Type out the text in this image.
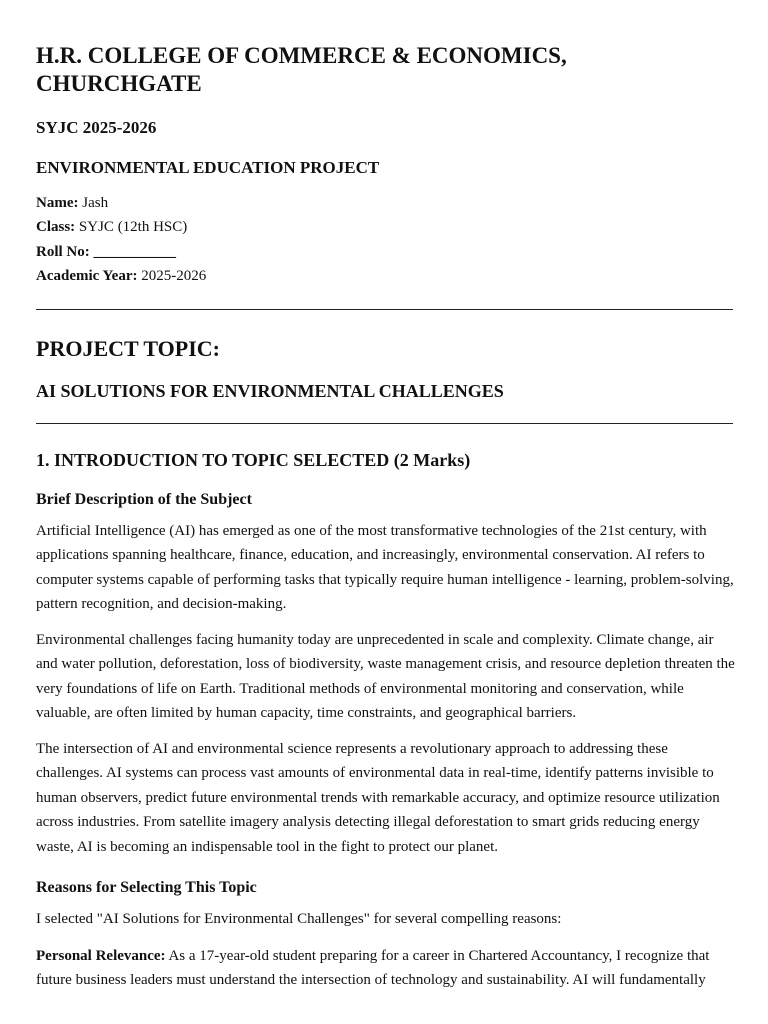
H.R. COLLEGE OF COMMERCE & ECONOMICS, CHURCHGATE
SYJC 2025-2026
ENVIRONMENTAL EDUCATION PROJECT
Name: Jash
Class: SYJC (12th HSC)
Roll No: ___________
Academic Year: 2025-2026
PROJECT TOPIC:
AI SOLUTIONS FOR ENVIRONMENTAL CHALLENGES
1. INTRODUCTION TO TOPIC SELECTED (2 Marks)
Brief Description of the Subject

Artificial Intelligence (AI) has emerged as one of the most transformative technologies of the 21st century, with applications spanning healthcare, finance, education, and increasingly, environmental conservation. AI refers to computer systems capable of performing tasks that typically require human intelligence - learning, problem-solving, pattern recognition, and decision-making.

Environmental challenges facing humanity today are unprecedented in scale and complexity. Climate change, air and water pollution, deforestation, loss of biodiversity, waste management crisis, and resource depletion threaten the very foundations of life on Earth. Traditional methods of environmental monitoring and conservation, while valuable, are often limited by human capacity, time constraints, and geographical barriers.

The intersection of AI and environmental science represents a revolutionary approach to addressing these challenges. AI systems can process vast amounts of environmental data in real-time, identify patterns invisible to human observers, predict future environmental trends with remarkable accuracy, and optimize resource utilization across industries. From satellite imagery analysis detecting illegal deforestation to smart grids reducing energy waste, AI is becoming an indispensable tool in the fight to protect our planet.

Reasons for Selecting This Topic

I selected "AI Solutions for Environmental Challenges" for several compelling reasons:

Personal Relevance: As a 17-year-old student preparing for a career in Chartered Accountancy, I recognize that future business leaders must understand the intersection of technology and sustainability. AI will fundamentally
